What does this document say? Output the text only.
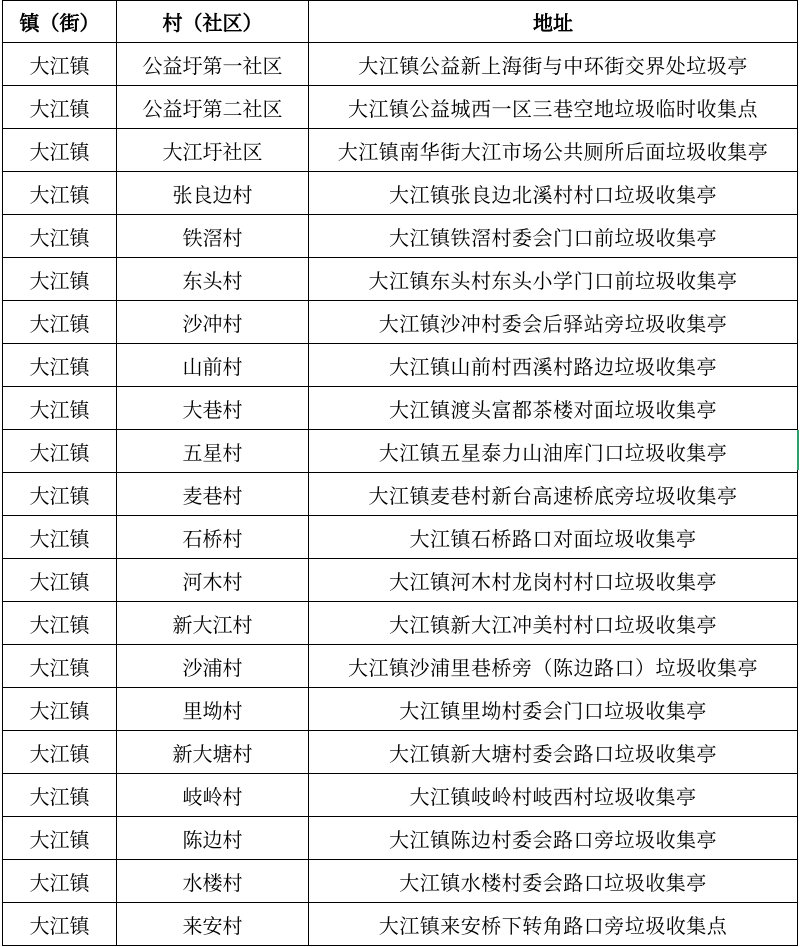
镇（街）	村（社区）	地址
大江镇	公益圩第一社区	大江镇公益新上海街与中环街交界处垃圾亭
大江镇	公益圩第二社区	大江镇公益城西一区三巷空地垃圾临时收集点
大江镇	大江圩社区	大江镇南华街大江市场公共厕所后面垃圾收集亭
大江镇	张良边村	大江镇张良边北溪村村口垃圾收集亭
大江镇	铁滘村	大江镇铁滘村委会门口前垃圾收集亭
大江镇	东头村	大江镇东头村东头小学门口前垃圾收集亭
大江镇	沙冲村	大江镇沙冲村委会后驿站旁垃圾收集亭
大江镇	山前村	大江镇山前村西溪村路边垃圾收集亭
大江镇	大巷村	大江镇渡头富都茶楼对面垃圾收集亭
大江镇	五星村	大江镇五星泰力山油库门口垃圾收集亭
大江镇	麦巷村	大江镇麦巷村新台高速桥底旁垃圾收集亭
大江镇	石桥村	大江镇石桥路口对面垃圾收集亭
大江镇	河木村	大江镇河木村龙岗村村口垃圾收集亭
大江镇	新大江村	大江镇新大江冲美村村口垃圾收集亭
大江镇	沙浦村	大江镇沙浦里巷桥旁（陈边路口）垃圾收集亭
大江镇	里坳村	大江镇里坳村委会门口垃圾收集亭
大江镇	新大塘村	大江镇新大塘村委会路口垃圾收集亭
大江镇	岐岭村	大江镇岐岭村岐西村垃圾收集亭
大江镇	陈边村	大江镇陈边村委会路口旁垃圾收集亭
大江镇	水楼村	大江镇水楼村委会路口垃圾收集亭
大江镇	来安村	大江镇来安桥下转角路口旁垃圾收集点
